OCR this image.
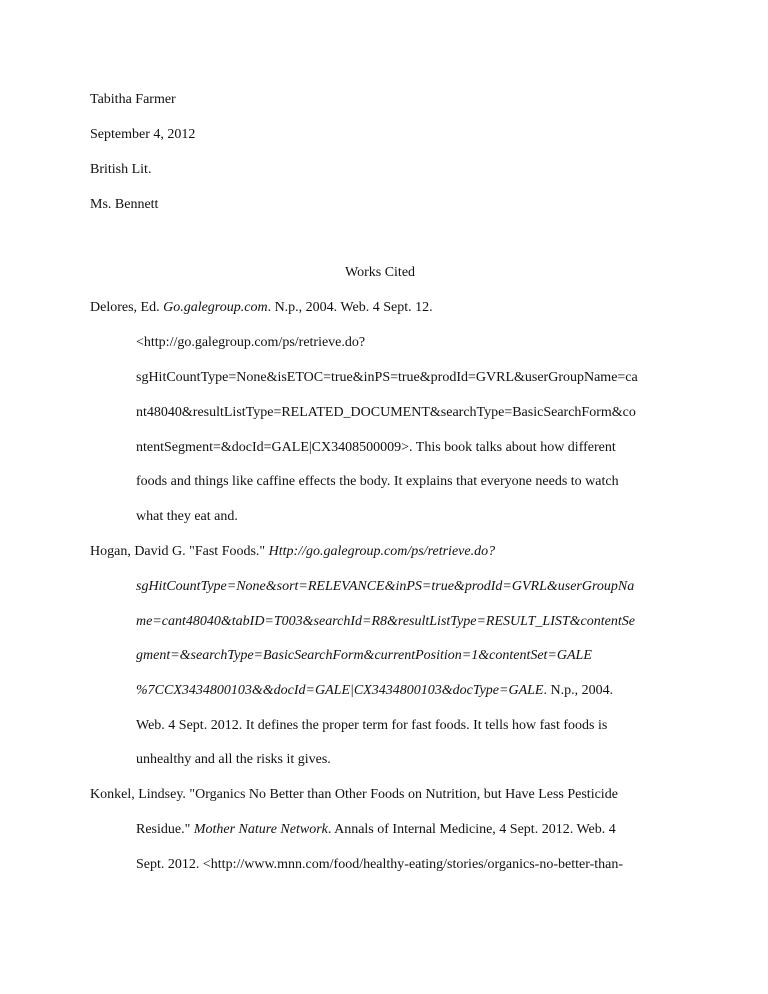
Tabitha Farmer
September 4, 2012
British Lit.
Ms. Bennett
Works Cited
Delores, Ed. Go.galegroup.com. N.p., 2004. Web. 4 Sept. 12.
<http://go.galegroup.com/ps/retrieve.do?
sgHitCountType=None&isETOC=true&inPS=true&prodId=GVRL&userGroupName=ca
nt48040&resultListType=RELATED_DOCUMENT&searchType=BasicSearchForm&co
ntentSegment=&docId=GALE|CX3408500009>. This book talks about how different
foods and things like caffine effects the body. It explains that everyone needs to watch
what they eat and.
Hogan, David G. "Fast Foods." Http://go.galegroup.com/ps/retrieve.do?
sgHitCountType=None&sort=RELEVANCE&inPS=true&prodId=GVRL&userGroupNa
me=cant48040&tabID=T003&searchId=R8&resultListType=RESULT_LIST&contentSe
gment=&searchType=BasicSearchForm&currentPosition=1&contentSet=GALE
%7CCX3434800103&&docId=GALE|CX3434800103&docType=GALE. N.p., 2004.
Web. 4 Sept. 2012. It defines the proper term for fast foods. It tells how fast foods is
unhealthy and all the risks it gives.
Konkel, Lindsey. "Organics No Better than Other Foods on Nutrition, but Have Less Pesticide
Residue." Mother Nature Network. Annals of Internal Medicine, 4 Sept. 2012. Web. 4
Sept. 2012. <http://www.mnn.com/food/healthy-eating/stories/organics-no-better-than-
